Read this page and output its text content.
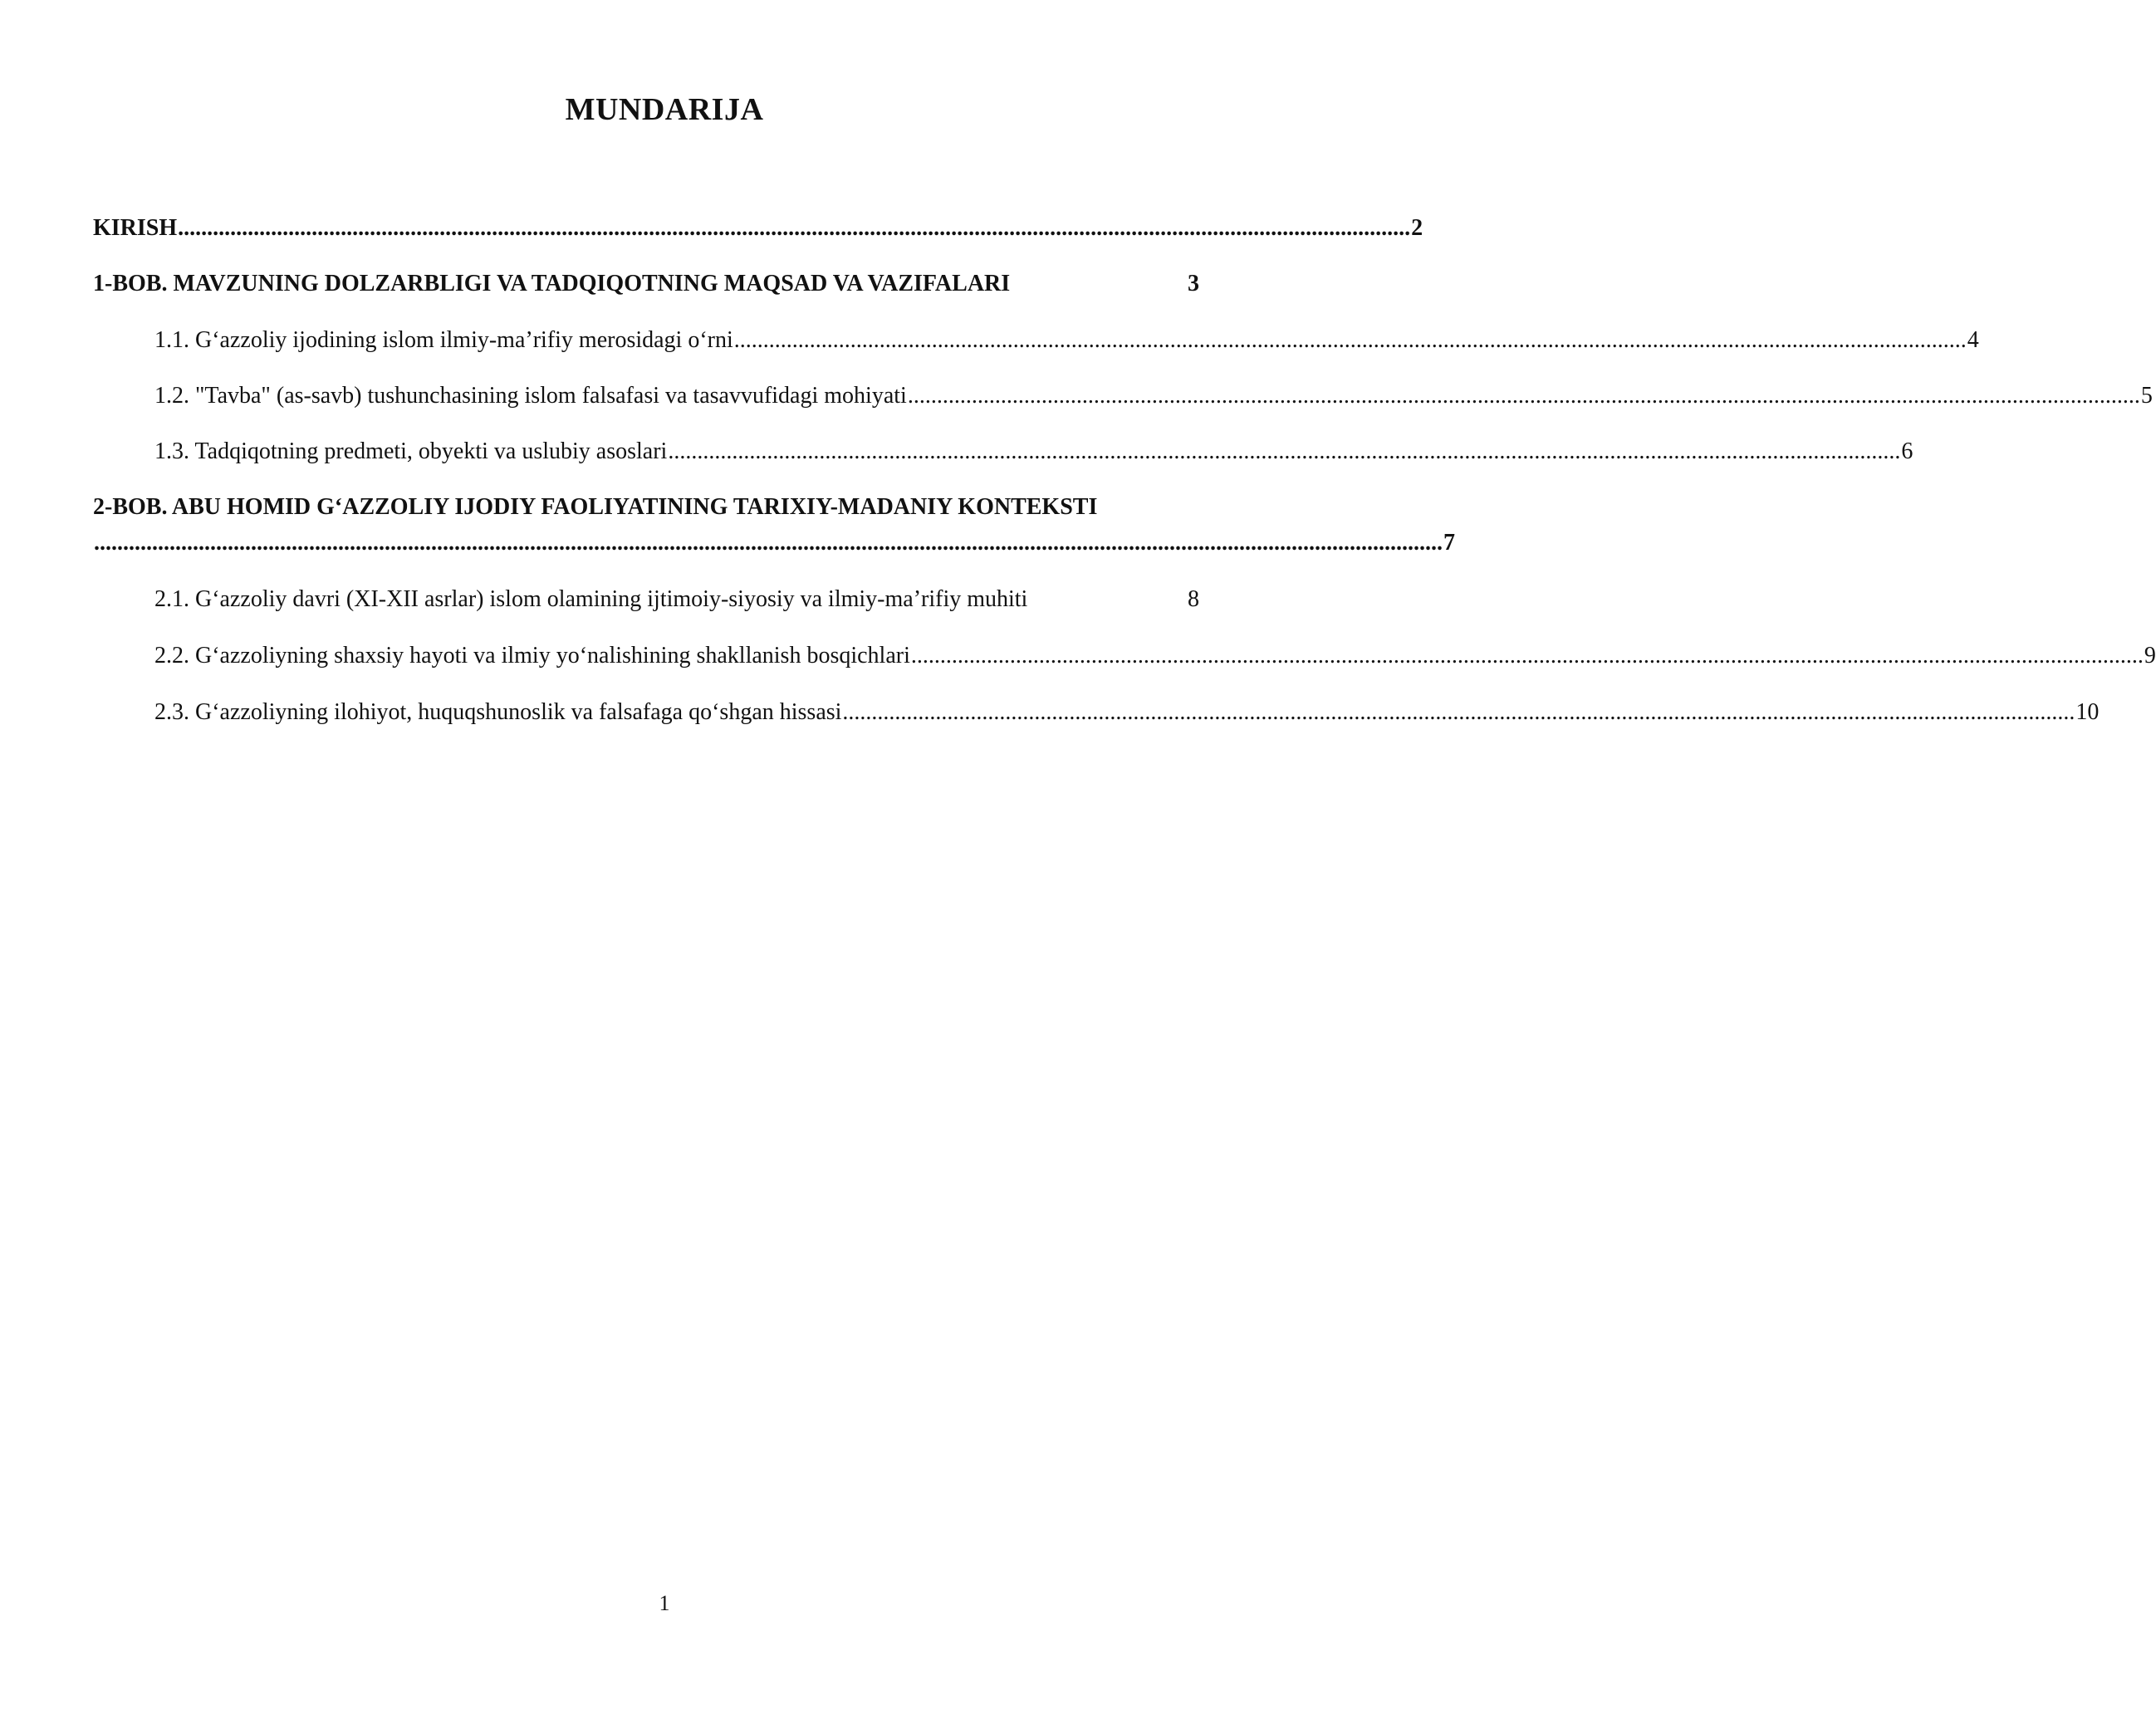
MUNDARIJA
KIRISH .................................................................................................................................................................................................................... 2
1-BOB. MAVZUNING DOLZARBLIGI VA TADQIQOTNING MAQSAD VA VAZIFALARI	3
1.1. G‘azzoliy ijodining islom ilmiy-ma’rifiy merosidagi o‘rni .................................................................................................................................................................................................................... 4
1.2. "Tavba" (as-savb) tushunchasining islom falsafasi va tasavvufidagi mohiyati .................................................................................................................................................................................................................... 5
1.3. Tadqiqotning predmeti, obyekti va uslubiy asoslari .................................................................................................................................................................................................................... 6
2-BOB. ABU HOMID G‘AZZOLIY IJODIY FAOLIYATINING TARIXIY-MADANIY KONTEKSTI
........................................................................................................................................................................................................................................ 7
2.1. G‘azzoliy davri (XI-XII asrlar) islom olamining ijtimoiy-siyosiy va ilmiy-ma’rifiy muhiti	8
2.2. G‘azzoliyning shaxsiy hayoti va ilmiy yo‘nalishining shakllanish bosqichlari .................................................................................................................................................................................................................... 9
2.3. G‘azzoliyning ilohiyot, huquqshunoslik va falsafaga qo‘shgan hissasi .................................................................................................................................................................................................................... 10
1
